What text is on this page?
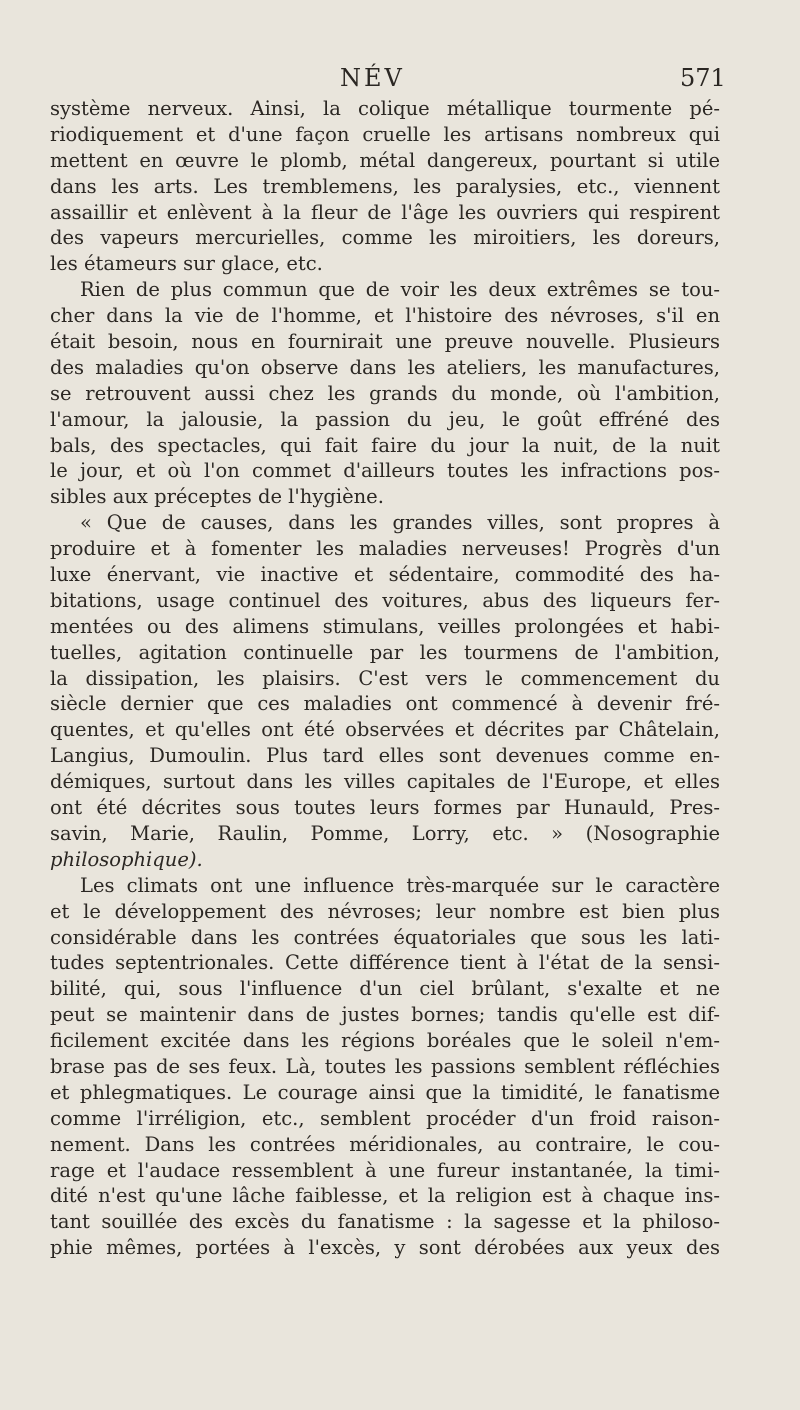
NÉV	571
système nerveux. Ainsi, la colique métallique tourmente pé-
riodiquement et d'une façon cruelle les artisans nombreux qui
mettent en œuvre le plomb, métal dangereux, pourtant si utile
dans les arts. Les tremblemens, les paralysies, etc., viennent
assaillir et enlèvent à la fleur de l'âge les ouvriers qui respirent
des vapeurs mercurielles, comme les miroitiers, les doreurs,
les étameurs sur glace, etc.
Rien de plus commun que de voir les deux extrêmes se tou-
cher dans la vie de l'homme, et l'histoire des névroses, s'il en
était besoin, nous en fournirait une preuve nouvelle. Plusieurs
des maladies qu'on observe dans les ateliers, les manufactures,
se retrouvent aussi chez les grands du monde, où l'ambition,
l'amour, la jalousie, la passion du jeu, le goût effréné des
bals, des spectacles, qui fait faire du jour la nuit, de la nuit
le jour, et où l'on commet d'ailleurs toutes les infractions pos-
sibles aux préceptes de l'hygiène.
« Que de causes, dans les grandes villes, sont propres à
produire et à fomenter les maladies nerveuses! Progrès d'un
luxe énervant, vie inactive et sédentaire, commodité des ha-
bitations, usage continuel des voitures, abus des liqueurs fer-
mentées ou des alimens stimulans, veilles prolongées et habi-
tuelles, agitation continuelle par les tourmens de l'ambition,
la dissipation, les plaisirs. C'est vers le commencement du
siècle dernier que ces maladies ont commencé à devenir fré-
quentes, et qu'elles ont été observées et décrites par Châtelain,
Langius, Dumoulin. Plus tard elles sont devenues comme en-
démiques, surtout dans les villes capitales de l'Europe, et elles
ont été décrites sous toutes leurs formes par Hunauld, Pres-
savin, Marie, Raulin, Pomme, Lorry, etc. » (Nosographie
philosophique).
Les climats ont une influence très-marquée sur le caractère
et le développement des névroses; leur nombre est bien plus
considérable dans les contrées équatoriales que sous les lati-
tudes septentrionales. Cette différence tient à l'état de la sensi-
bilité, qui, sous l'influence d'un ciel brûlant, s'exalte et ne
peut se maintenir dans de justes bornes; tandis qu'elle est dif-
ficilement excitée dans les régions boréales que le soleil n'em-
brase pas de ses feux. Là, toutes les passions semblent réfléchies
et phlegmatiques. Le courage ainsi que la timidité, le fanatisme
comme l'irréligion, etc., semblent procéder d'un froid raison-
nement. Dans les contrées méridionales, au contraire, le cou-
rage et l'audace ressemblent à une fureur instantanée, la timi-
dité n'est qu'une lâche faiblesse, et la religion est à chaque ins-
tant souillée des excès du fanatisme : la sagesse et la philoso-
phie mêmes, portées à l'excès, y sont dérobées aux yeux des
